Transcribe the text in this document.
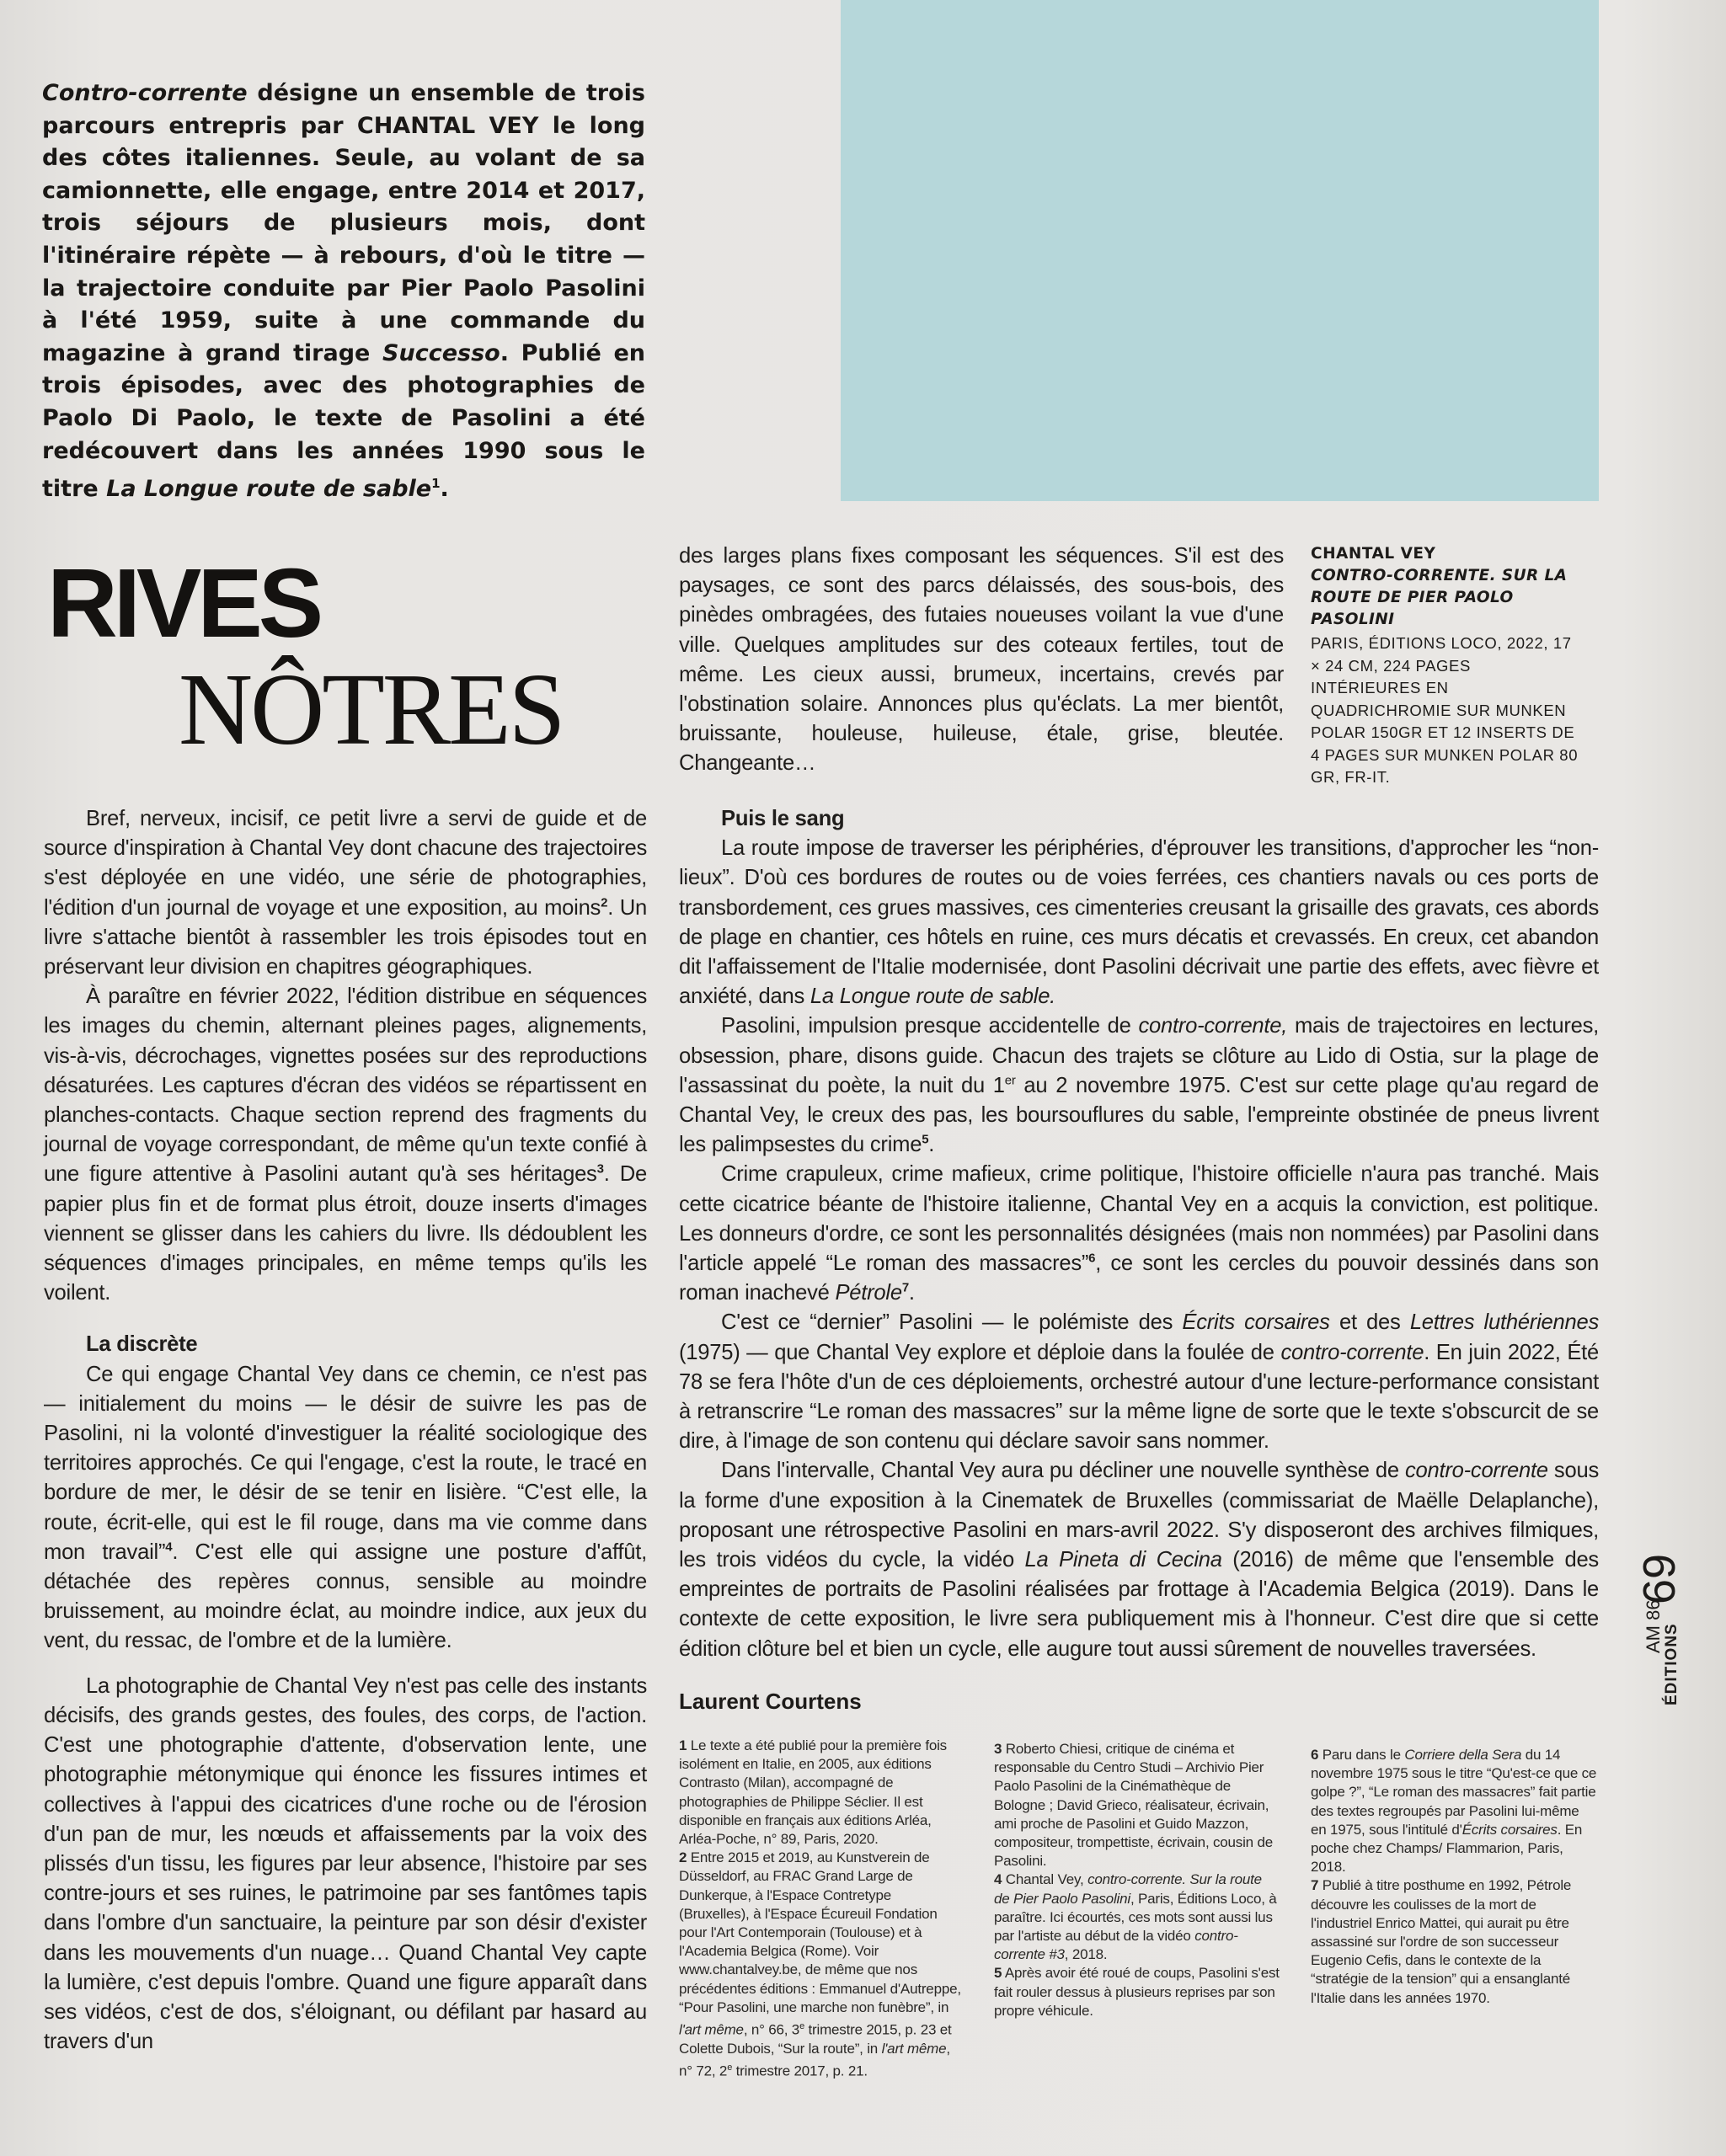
Contro-corrente désigne un ensemble de trois parcours entrepris par CHANTAL VEY le long des côtes italiennes. Seule, au volant de sa camionnette, elle engage, entre 2014 et 2017, trois séjours de plusieurs mois, dont l'itinéraire répète — à rebours, d'où le titre — la trajectoire conduite par Pier Paolo Pasolini à l'été 1959, suite à une commande du magazine à grand tirage Successo. Publié en trois épisodes, avec des photographies de Paolo Di Paolo, le texte de Pasolini a été redécouvert dans les années 1990 sous le titre La Longue route de sable$^1$.
RIVES
NÔTRES
CHANTAL VEY
CONTRO-CORRENTE. SUR LA ROUTE DE PIER PAOLO PASOLINI
PARIS, ÉDITIONS LOCO, 2022, 17 × 24 CM, 224 PAGES INTÉRIEURES EN QUADRICHROMIE SUR MUNKEN POLAR 150GR ET 12 INSERTS DE 4 PAGES SUR MUNKEN POLAR 80 GR, FR-IT.

des larges plans fixes composant les séquences. S'il est des paysages, ce sont des parcs délaissés, des sous-bois, des pinèdes ombragées, des futaies noueuses voilant la vue d'une ville. Quelques amplitudes sur des coteaux fertiles, tout de même. Les cieux aussi, brumeux, incertains, crevés par l'obstination solaire. Annonces plus qu'éclats. La mer bientôt, bruissante, houleuse, huileuse, étale, grise, bleutée. Changeante…

Bref, nerveux, incisif, ce petit livre a servi de guide et de source d'inspiration à Chantal Vey dont chacune des trajectoires s'est déployée en une vidéo, une série de photographies, l'édition d'un journal de voyage et une exposition, au moins$^2$. Un livre s'attache bientôt à rassembler les trois épisodes tout en préservant leur division en chapitres géographiques.

À paraître en février 2022, l'édition distribue en séquences les images du chemin, alternant pleines pages, alignements, vis-à-vis, décrochages, vignettes posées sur des reproductions désaturées. Les captures d'écran des vidéos se répartissent en planches-contacts. Chaque section reprend des fragments du journal de voyage correspondant, de même qu'un texte confié à une figure attentive à Pasolini autant qu'à ses héritages$^3$. De papier plus fin et de format plus étroit, douze inserts d'images viennent se glisser dans les cahiers du livre. Ils dédoublent les séquences d'images principales, en même temps qu'ils les voilent.

La discrète

Ce qui engage Chantal Vey dans ce chemin, ce n'est pas — initialement du moins — le désir de suivre les pas de Pasolini, ni la volonté d'investiguer la réalité sociologique des territoires approchés. Ce qui l'engage, c'est la route, le tracé en bordure de mer, le désir de se tenir en lisière. “C'est elle, la route, écrit-elle, qui est le fil rouge, dans ma vie comme dans mon travail”$^4$. C'est elle qui assigne une posture d'affût, détachée des repères connus, sensible au moindre bruissement, au moindre éclat, au moindre indice, aux jeux du vent, du ressac, de l'ombre et de la lumière.

La photographie de Chantal Vey n'est pas celle des instants décisifs, des grands gestes, des foules, des corps, de l'action. C'est une photographie d'attente, d'observation lente, une photographie métonymique qui énonce les fissures intimes et collectives à l'appui des cicatrices d'une roche ou de l'érosion d'un pan de mur, les nœuds et affaissements par la voix des plissés d'un tissu, les figures par leur absence, l'histoire par ses contre-jours et ses ruines, le patrimoine par ses fantômes tapis dans l'ombre d'un sanctuaire, la peinture par son désir d'exister dans les mouvements d'un nuage… Quand Chantal Vey capte la lumière, c'est depuis l'ombre. Quand une figure apparaît dans ses vidéos, c'est de dos, s'éloignant, ou défilant par hasard au travers d'un

Puis le sang

La route impose de traverser les périphéries, d'éprouver les transitions, d'approcher les “non-lieux”. D'où ces bordures de routes ou de voies ferrées, ces chantiers navals ou ces ports de transbordement, ces grues massives, ces cimenteries creusant la grisaille des gravats, ces abords de plage en chantier, ces hôtels en ruine, ces murs décatis et crevassés. En creux, cet abandon dit l'affaissement de l'Italie modernisée, dont Pasolini décrivait une partie des effets, avec fièvre et anxiété, dans La Longue route de sable.

Pasolini, impulsion presque accidentelle de contro-corrente, mais de trajectoires en lectures, obsession, phare, disons guide. Chacun des trajets se clôture au Lido di Ostia, sur la plage de l'assassinat du poète, la nuit du 1er au 2 novembre 1975. C'est sur cette plage qu'au regard de Chantal Vey, le creux des pas, les boursouflures du sable, l'empreinte obstinée de pneus livrent les palimpsestes du crime$^5$.

Crime crapuleux, crime mafieux, crime politique, l'histoire officielle n'aura pas tranché. Mais cette cicatrice béante de l'histoire italienne, Chantal Vey en a acquis la conviction, est politique. Les donneurs d'ordre, ce sont les personnalités désignées (mais non nommées) par Pasolini dans l'article appelé “Le roman des massacres”$^6$, ce sont les cercles du pouvoir dessinés dans son roman inachevé Pétrole$^7$.

C'est ce “dernier” Pasolini — le polémiste des Écrits corsaires et des Lettres luthériennes (1975) — que Chantal Vey explore et déploie dans la foulée de contro-corrente. En juin 2022, Été 78 se fera l'hôte d'un de ces déploiements, orchestré autour d'une lecture-performance consistant à retranscrire “Le roman des massacres” sur la même ligne de sorte que le texte s'obscurcit de se dire, à l'image de son contenu qui déclare savoir sans nommer.

Dans l'intervalle, Chantal Vey aura pu décliner une nouvelle synthèse de contro-corrente sous la forme d'une exposition à la Cinematek de Bruxelles (commissariat de Maëlle Delaplanche), proposant une rétrospective Pasolini en mars-avril 2022. S'y disposeront des archives filmiques, les trois vidéos du cycle, la vidéo La Pineta di Cecina (2016) de même que l'ensemble des empreintes de portraits de Pasolini réalisées par frottage à l'Academia Belgica (2019). Dans le contexte de cette exposition, le livre sera publiquement mis à l'honneur. C'est dire que si cette édition clôture bel et bien un cycle, elle augure tout aussi sûrement de nouvelles traversées.

Laurent Courtens

1 Le texte a été publié pour la première fois isolément en Italie, en 2005, aux éditions Contrasto (Milan), accompagné de photographies de Philippe Séclier. Il est disponible en français aux éditions Arléa, Arléa-Poche, n° 89, Paris, 2020.

2 Entre 2015 et 2019, au Kunstverein de Düsseldorf, au FRAC Grand Large de Dunkerque, à l'Espace Contretype (Bruxelles), à l'Espace Écureuil Fondation pour l'Art Contemporain (Toulouse) et à l'Academia Belgica (Rome). Voir www.chantalvey.be, de même que nos précédentes éditions : Emmanuel d'Autreppe, “Pour Pasolini, une marche non funèbre”, in l'art même, n° 66, 3e trimestre 2015, p. 23 et Colette Dubois, “Sur la route”, in l'art même, n° 72, 2e trimestre 2017, p. 21.

3 Roberto Chiesi, critique de cinéma et responsable du Centro Studi – Archivio Pier Paolo Pasolini de la Cinémathèque de Bologne ; David Grieco, réalisateur, écrivain, ami proche de Pasolini et Guido Mazzon, compositeur, trompettiste, écrivain, cousin de Pasolini.

4 Chantal Vey, contro-corrente. Sur la route de Pier Paolo Pasolini, Paris, Éditions Loco, à paraître. Ici écourtés, ces mots sont aussi lus par l'artiste au début de la vidéo contro-corrente #3, 2018.

5 Après avoir été roué de coups, Pasolini s'est fait rouler dessus à plusieurs reprises par son propre véhicule.

6 Paru dans le Corriere della Sera du 14 novembre 1975 sous le titre “Qu'est-ce que ce golpe ?”, “Le roman des massacres” fait partie des textes regroupés par Pasolini lui-même en 1975, sous l'intitulé d'Écrits corsaires. En poche chez Champs/ Flammarion, Paris, 2018.

7 Publié à titre posthume en 1992, Pétrole découvre les coulisses de la mort de l'industriel Enrico Mattei, qui aurait pu être assassiné sur l'ordre de son successeur Eugenio Cefis, dans le contexte de la “stratégie de la tension” qui a ensanglanté l'Italie dans les années 1970.

69
AM 86 ÉDITIONS
